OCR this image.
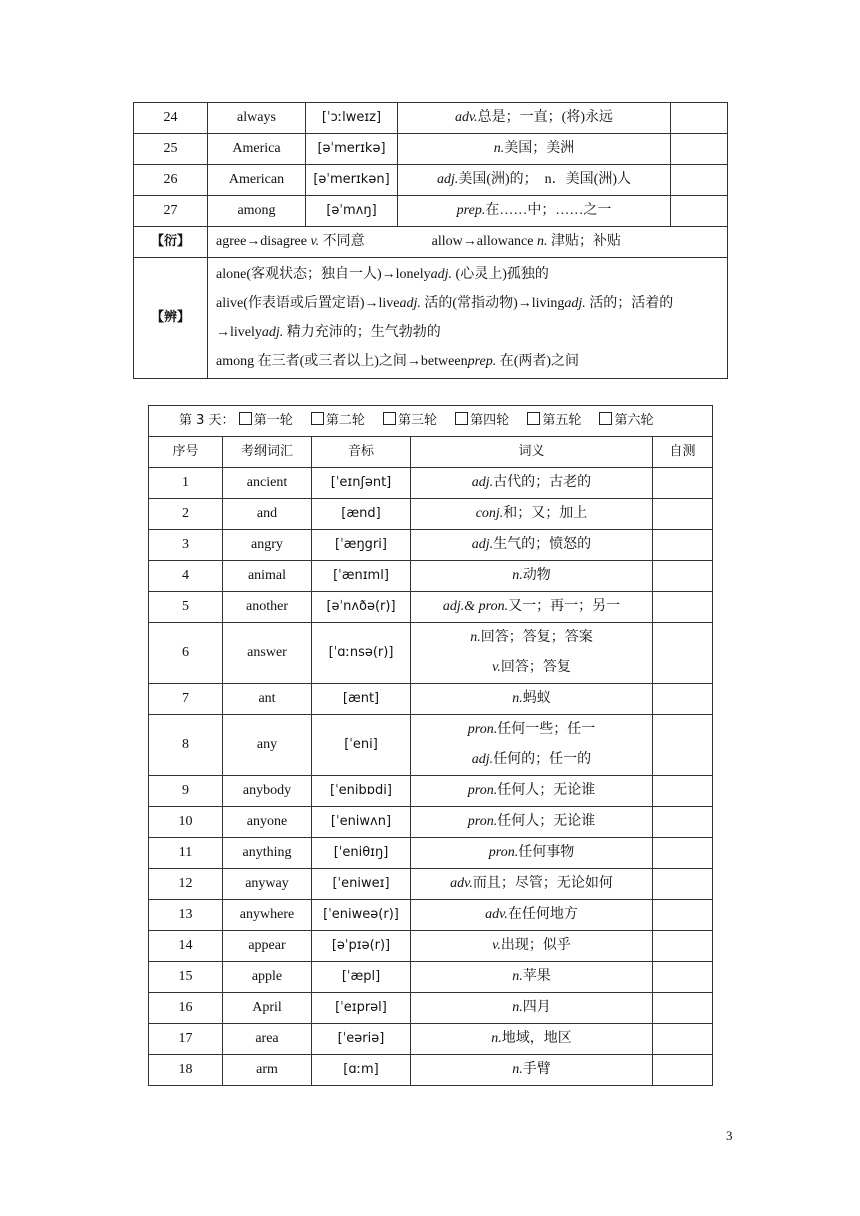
24	always	[ˈɔːlweɪz]	adv.总是；一直；(将)永远	
25	America	[əˈmerɪkə]	n.美国；美洲	
26	American	[əˈmerɪkən]	adj.美国(洲)的；　n．美国(洲)人	
27	among	[əˈmʌŋ]	prep.在……中；……之一	
【衍】	agree→disagree v. 不同意 allow→allowance n. 津贴；补贴			
【辨】	alone(客观状态；独自一人)→lonelyadj. (心灵上)孤独的
alive(作表语或后置定语)→liveadj. 活的(常指动物)→livingadj. 活的；活着的
→livelyadj. 精力充沛的；生气勃勃的
among 在三者(或三者以上)之间→betweenprep. 在(两者)之间			
第 3 天： 第一轮 第二轮 第三轮 第四轮 第五轮 第六轮				
序号	考纲词汇	音标	词义	自测
1	ancient	[ˈeɪnʃənt]	adj.古代的；古老的	

2	and	[ænd]	conj.和；又；加上	

3	angry	[ˈæŋgri]	adj.生气的；愤怒的	

4	animal	[ˈænɪml]	n.动物	

5	another	[əˈnʌðə(r)]	adj.& pron.又一；再一；另一	

6	answer	[ˈɑːnsə(r)]	n.回答；答复；答案
v.回答；答复	

7	ant	[ænt]	n.蚂蚁	

8	any	[ˈeni]	pron.任何一些；任一
adj.任何的；任一的	

9	anybody	[ˈenibɒdi]	pron.任何人；无论谁	

10	anyone	[ˈeniwʌn]	pron.任何人；无论谁	

11	anything	[ˈeniθɪŋ]	pron.任何事物	

12	anyway	[ˈeniweɪ]	adv.而且；尽管；无论如何	

13	anywhere	[ˈeniweə(r)]	adv.在任何地方	

14	appear	[əˈpɪə(r)]	v.出现；似乎	

15	apple	[ˈæpl]	n.苹果	

16	April	[ˈeɪprəl]	n.四月	

17	area	[ˈeəriə]	n.地域，地区	

18	arm	[ɑːm]	n.手臂	

3
